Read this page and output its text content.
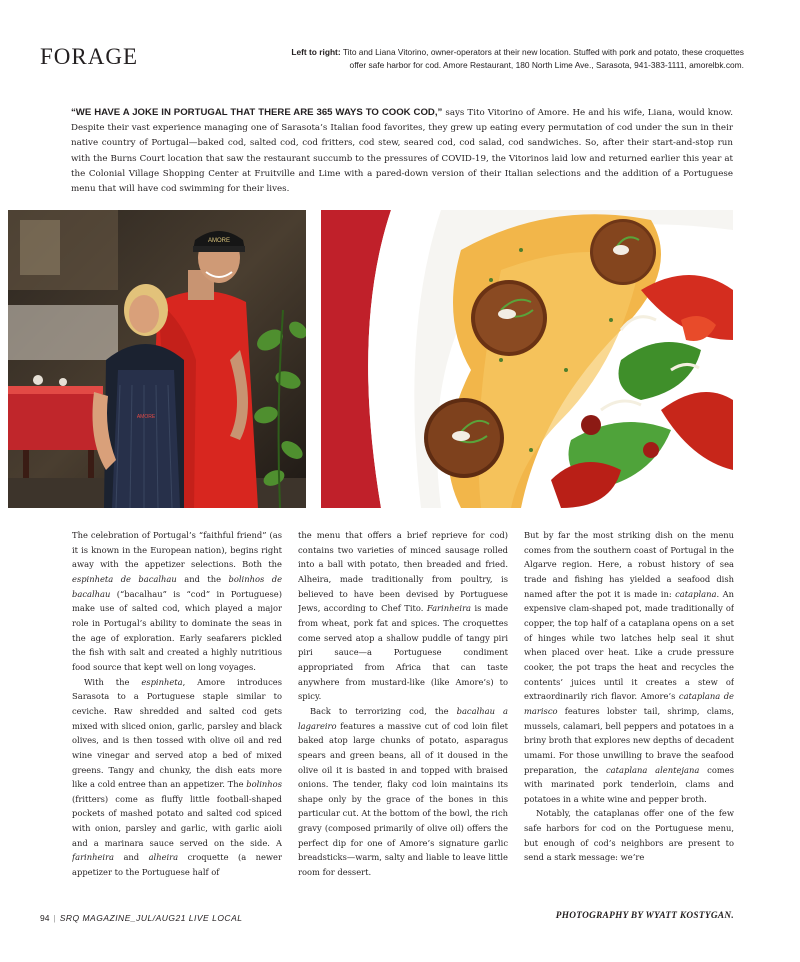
FORAGE	Left to right: Tito and Liana Vitorino, owner-operators at their new location. Stuffed with pork and potato, these croquettes offer safe harbor for cod. Amore Restaurant, 180 North Lime Ave., Sarasota, 941-383-1111, amorelbk.com.

“WE HAVE A JOKE IN PORTUGAL THAT THERE ARE 365 WAYS TO COOK COD,” says Tito Vitorino of Amore. He and his wife, Liana, would know. Despite their vast experience managing one of Sarasota’s Italian food favorites, they grew up eating every permutation of cod under the sun in their native country of Portugal—baked cod, salted cod, cod fritters, cod stew, seared cod, cod salad, cod sandwiches. So, after their start-and-stop run with the Burns Court location that saw the restaurant succumb to the pressures of COVID-19, the Vitorinos laid low and returned earlier this year at the Colonial Village Shopping Center at Fruitville and Lime with a pared-down version of their Italian selections and the addition of a Portuguese menu that will have cod swimming for their lives.

AMORE
AMORE

The celebration of Portugal’s “faithful friend” (as it is known in the European nation), begins right away with the appetizer selections. Both the espinheta de bacalhau and the bolinhos de bacalhau (“bacalhau” is “cod” in Portuguese) make use of salted cod, which played a major role in Portugal’s ability to dominate the seas in the age of exploration. Early seafarers pickled the fish with salt and created a highly nutritious food source that kept well on long voyages.

With the espinheta, Amore introduces Sarasota to a Portuguese staple similar to ceviche. Raw shredded and salted cod gets mixed with sliced onion, garlic, parsley and black olives, and is then tossed with olive oil and red wine vinegar and served atop a bed of mixed greens. Tangy and chunky, the dish eats more like a cold entree than an appetizer. The bolinhos (fritters) come as fluffy little football-shaped pockets of mashed potato and salted cod spiced with onion, parsley and garlic, with garlic aioli and a marinara sauce served on the side. A farinheira and alheira croquette (a newer appetizer to the Portuguese half of

the menu that offers a brief reprieve for cod) contains two varieties of minced sausage rolled into a ball with potato, then breaded and fried. Alheira, made traditionally from poultry, is believed to have been devised by Portuguese Jews, according to Chef Tito. Farinheira is made from wheat, pork fat and spices. The croquettes come served atop a shallow puddle of tangy piri piri sauce—a Portuguese condiment appropriated from Africa that can taste anywhere from mustard-like (like Amore’s) to spicy.

Back to terrorizing cod, the bacalhau a lagareiro features a massive cut of cod loin filet baked atop large chunks of potato, asparagus spears and green beans, all of it doused in the olive oil it is basted in and topped with braised onions. The tender, flaky cod loin maintains its shape only by the grace of the bones in this particular cut. At the bottom of the bowl, the rich gravy (composed primarily of olive oil) offers the perfect dip for one of Amore’s signature garlic breadsticks—warm, salty and liable to leave little room for dessert.

But by far the most striking dish on the menu comes from the southern coast of Portugal in the Algarve region. Here, a robust history of sea trade and fishing has yielded a seafood dish named after the pot it is made in: cataplana. An expensive clam-shaped pot, made traditionally of copper, the top half of a cataplana opens on a set of hinges while two latches help seal it shut when placed over heat. Like a crude pressure cooker, the pot traps the heat and recycles the contents’ juices until it creates a stew of extraordinarily rich flavor. Amore’s cataplana de marisco features lobster tail, shrimp, clams, mussels, calamari, bell peppers and potatoes in a briny broth that explores new depths of decadent umami. For those unwilling to brave the seafood preparation, the cataplana alentejana comes with marinated pork tenderloin, clams and potatoes in a white wine and pepper broth.

Notably, the cataplanas offer one of the few safe harbors for cod on the Portuguese menu, but enough of cod’s neighbors are present to send a stark message: we’re

94 | SRQ MAGAZINE_JUL/AUG21 LIVE LOCAL	PHOTOGRAPHY BY WYATT KOSTYGAN.
